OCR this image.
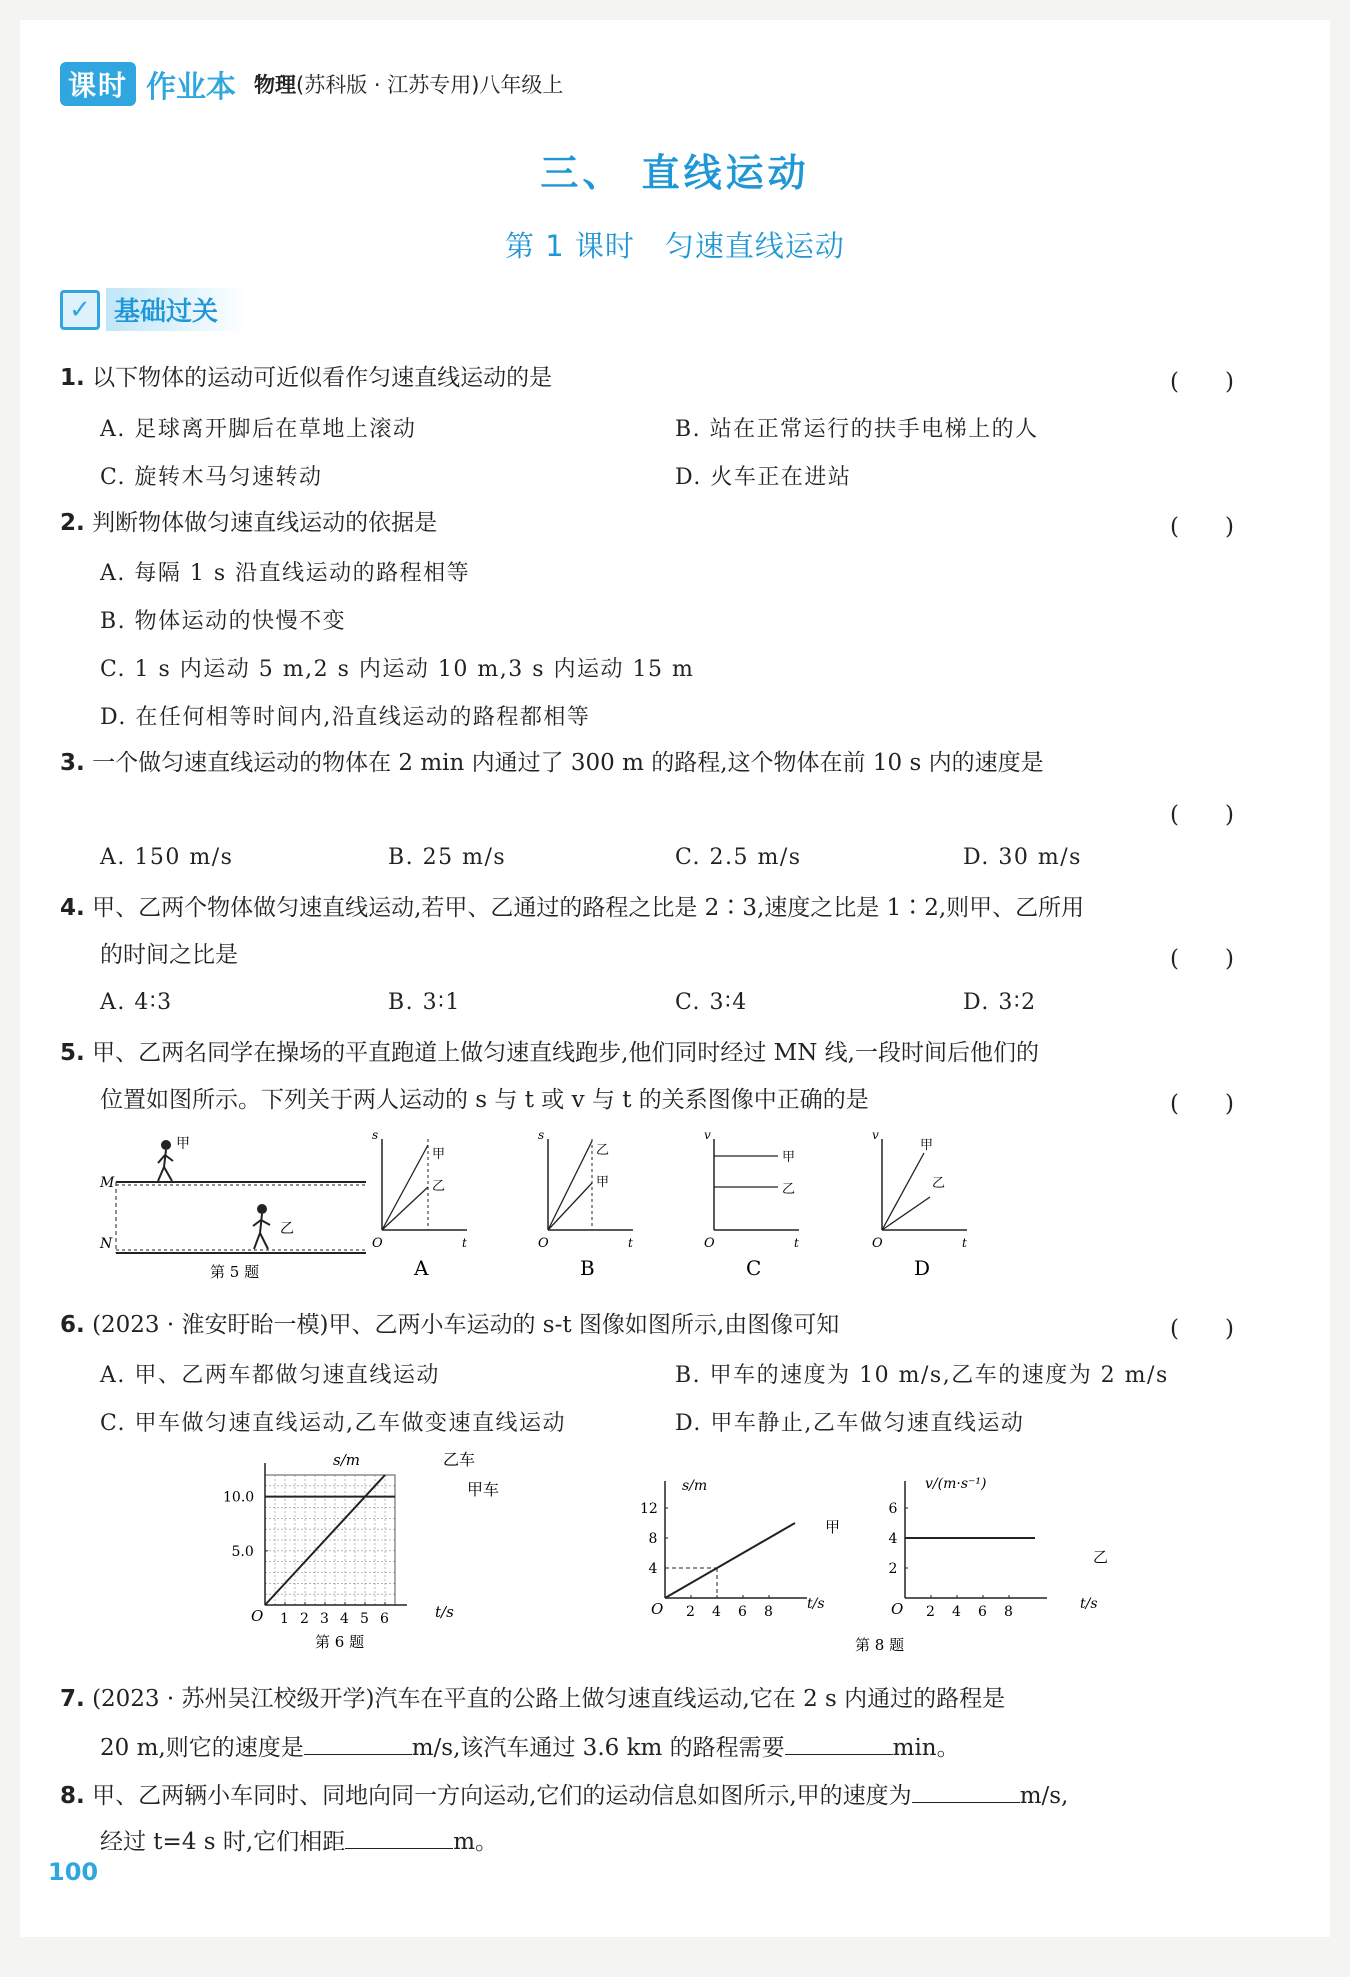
课时 作业本 物理(苏科版 · 江苏专用)八年级上
三、 直线运动
第 1 课时　匀速直线运动
✓ 基础过关
1. 以下物体的运动可近似看作匀速直线运动的是	(　　)
A. 足球离开脚后在草地上滚动	B. 站在正常运行的扶手电梯上的人
C. 旋转木马匀速转动	D. 火车正在进站
2. 判断物体做匀速直线运动的依据是	(　　)
A. 每隔 1 s 沿直线运动的路程相等
B. 物体运动的快慢不变
C. 1 s 内运动 5 m,2 s 内运动 10 m,3 s 内运动 15 m
D. 在任何相等时间内,沿直线运动的路程都相等
3. 一个做匀速直线运动的物体在 2 min 内通过了 300 m 的路程,这个物体在前 10 s 内的速度是
(　　)
A. 150 m/s	B. 25 m/s	C. 2.5 m/s	D. 30 m/s
4. 甲、乙两个物体做匀速直线运动,若甲、乙通过的路程之比是 2∶3,速度之比是 1∶2,则甲、乙所用
的时间之比是	(　　)
A. 4∶3	B. 3∶1	C. 3∶4	D. 3∶2
5. 甲、乙两名同学在操场的平直跑道上做匀速直线跑步,他们同时经过 MN 线,一段时间后他们的
位置如图所示。下列关于两人运动的 s 与 t 或 v 与 t 的关系图像中正确的是	(　　)
M
N
甲
乙
第 5 题
s
t
O
甲
乙
A
s
t
O
乙
甲
B
v
t
O
甲
乙
C
v
t
O
甲
乙
D
6. (2023 · 淮安盱眙一模)甲、乙两小车运动的 s-t 图像如图所示,由图像可知	(　　)
A. 甲、乙两车都做匀速直线运动	B. 甲车的速度为 10 m/s,乙车的速度为 2 m/s
C. 甲车做匀速直线运动,乙车做变速直线运动	D. 甲车静止,乙车做匀速直线运动
O 1 2 3 4 5 6
5.0
10.0
s/m
t/s
乙车
甲车
第 6 题
O 2 4 6 8
4
8
12
O 2 4 6 8
2
4
6
s/m
t/s
甲
v/(m·s⁻¹)
t/s
乙
第 8 题
7. (2023 · 苏州吴江校级开学)汽车在平直的公路上做匀速直线运动,它在 2 s 内通过的路程是
20 m,则它的速度是	m/s,该汽车通过 3.6 km 的路程需要	min。
8. 甲、乙两辆小车同时、同地向同一方向运动,它们的运动信息如图所示,甲的速度为	m/s,
经过 t=4 s 时,它们相距	m。
100
